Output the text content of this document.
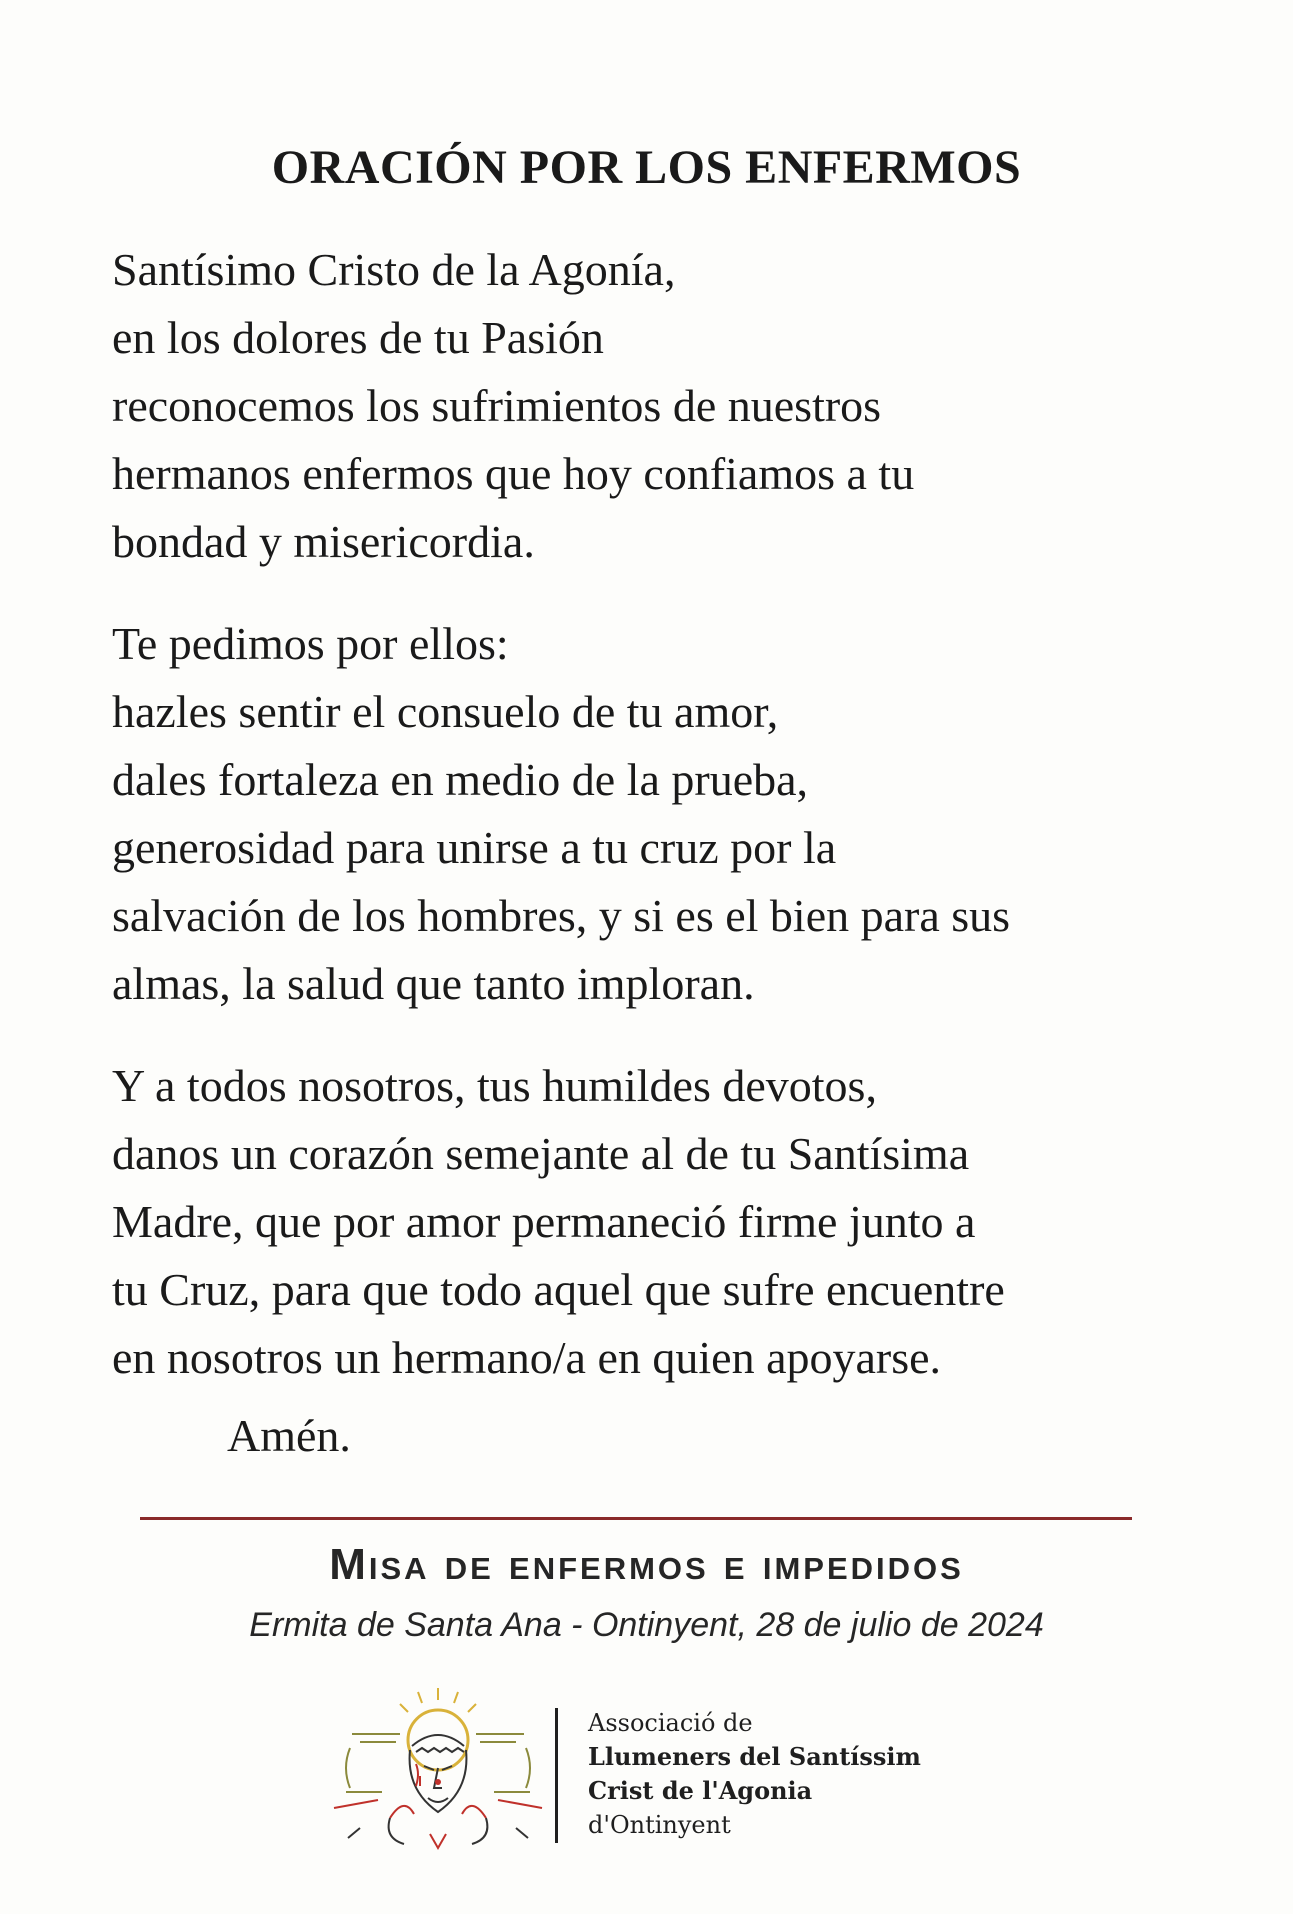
ORACIÓN POR LOS ENFERMOS
Santísimo Cristo de la Agonía,
en los dolores de tu Pasión
reconocemos los sufrimientos de nuestros
hermanos enfermos que hoy confiamos a tu
bondad y misericordia.
Te pedimos por ellos:
hazles sentir el consuelo de tu amor,
dales fortaleza en medio de la prueba,
generosidad para unirse a tu cruz por la
salvación de los hombres, y si es el bien para sus
almas, la salud que tanto imploran.
Y a todos nosotros, tus humildes devotos,
danos un corazón semejante al de tu Santísima
Madre, que por amor permaneció firme junto a
tu Cruz, para que todo aquel que sufre encuentre
en nosotros un hermano/a en quien apoyarse.
Amén.
Misa de enfermos e impedidos
Ermita de Santa Ana - Ontinyent, 28 de julio de 2024
Associació de
Llumeners del Santíssim
Crist de l'Agonia
d'Ontinyent
